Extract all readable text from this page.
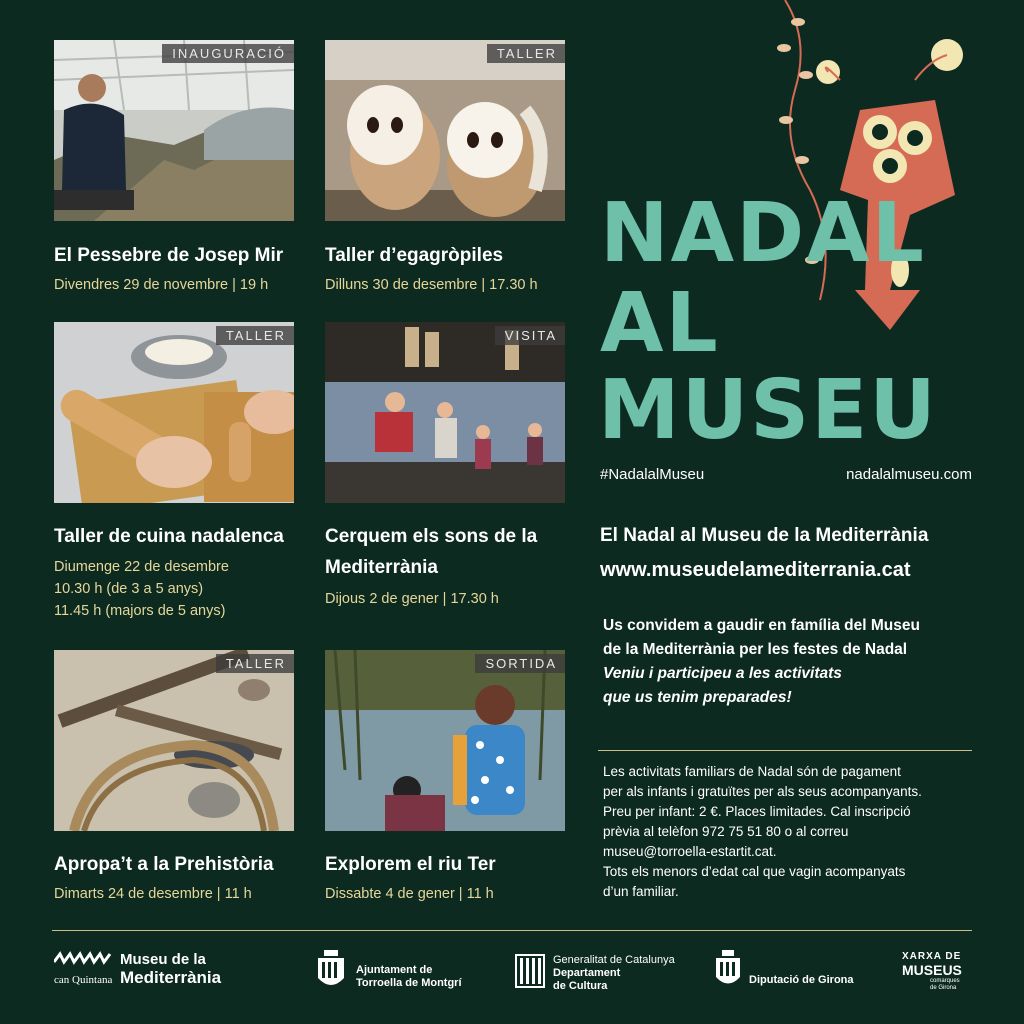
INAUGURACIÓ
El Pessebre de Josep Mir
Divendres 29 de novembre | 19 h
TALLER
Taller d’egagròpiles
Dilluns 30 de desembre | 17.30 h
TALLER
Taller de cuina nadalenca
Diumenge 22 de desembre
10.30 h (de 3 a 5 anys)
11.45 h (majors de 5 anys)
VISITA
Cerquem els sons de la
Mediterrània
Dijous 2 de gener | 17.30 h
TALLER
Apropa’t a la Prehistòria
Dimarts 24 de desembre | 11 h
SORTIDA
Explorem el riu Ter
Dissabte 4 de gener | 11 h
NADAL
AL
MUSEU
#NadalalMuseu	nadalalmuseu.com
El Nadal al Museu de la Mediterrània
www.museudelamediterrania.cat
Us convidem a gaudir en família del Museu
de la Mediterrània per les festes de Nadal
Veniu i participeu a les activitats
que us tenim preparades!
Les activitats familiars de Nadal són de pagament
per als infants i gratuïtes per als seus acompanyants.
Preu per infant: 2 €. Places limitades. Cal inscripció
prèvia al telèfon 972 75 51 80 o al correu
museu@torroella-estartit.cat.
Tots els menors d’edat cal que vagin acompanyats
d’un familiar.
can Quintana
Museu de la
Mediterrània	Ajuntament de
Torroella de Montgrí
Generalitat de Catalunya
Departament
de Cultura	Diputació de Girona
XARXA DE
MUSEUS
comarques
de Girona
